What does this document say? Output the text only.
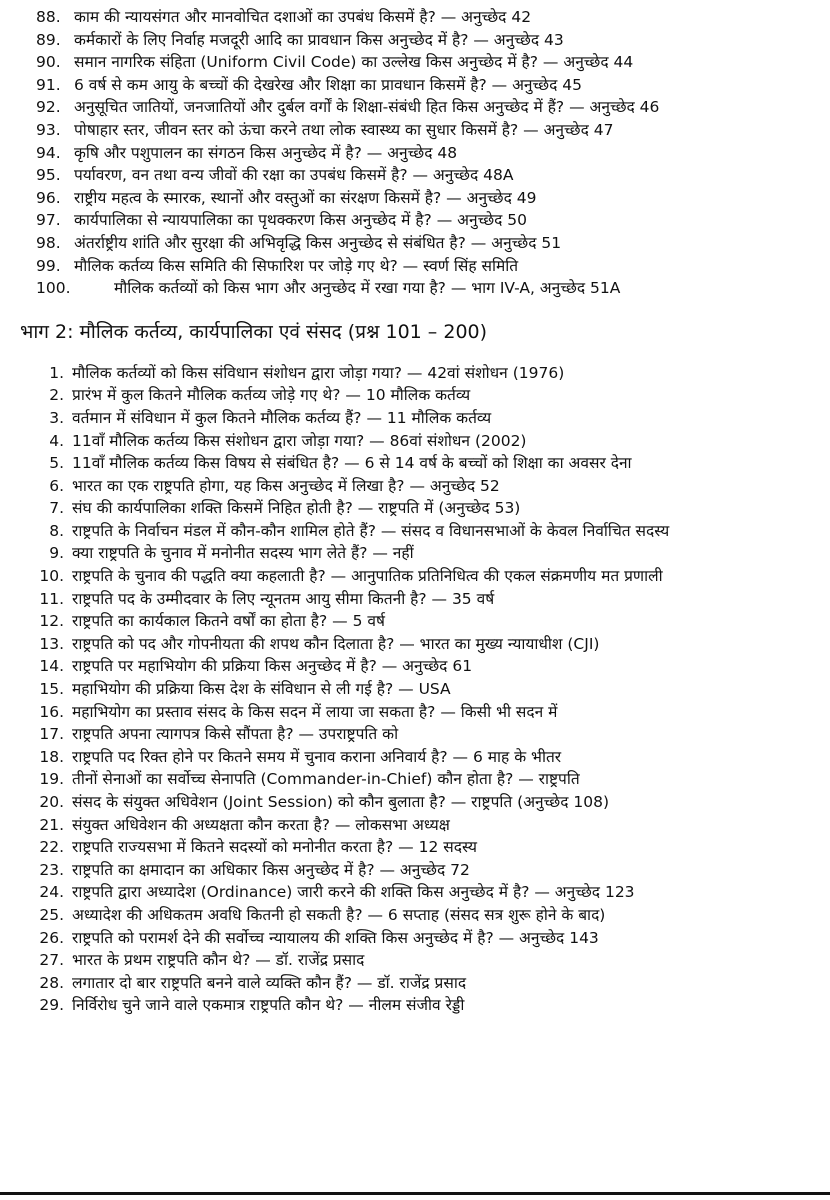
88. काम की न्यायसंगत और मानवोचित दशाओं का उपबंध किसमें है? — अनुच्छेद 42
89. कर्मकारों के लिए निर्वाह मजदूरी आदि का प्रावधान किस अनुच्छेद में है? — अनुच्छेद 43
90. समान नागरिक संहिता (Uniform Civil Code) का उल्लेख किस अनुच्छेद में है? — अनुच्छेद 44
91. 6 वर्ष से कम आयु के बच्चों की देखरेख और शिक्षा का प्रावधान किसमें है? — अनुच्छेद 45
92. अनुसूचित जातियों, जनजातियों और दुर्बल वर्गों के शिक्षा-संबंधी हित किस अनुच्छेद में हैं? — अनुच्छेद 46
93. पोषाहार स्तर, जीवन स्तर को ऊंचा करने तथा लोक स्वास्थ्य का सुधार किसमें है? — अनुच्छेद 47
94. कृषि और पशुपालन का संगठन किस अनुच्छेद में है? — अनुच्छेद 48
95. पर्यावरण, वन तथा वन्य जीवों की रक्षा का उपबंध किसमें है? — अनुच्छेद 48A
96. राष्ट्रीय महत्व के स्मारक, स्थानों और वस्तुओं का संरक्षण किसमें है? — अनुच्छेद 49
97. कार्यपालिका से न्यायपालिका का पृथक्करण किस अनुच्छेद में है? — अनुच्छेद 50
98. अंतर्राष्ट्रीय शांति और सुरक्षा की अभिवृद्धि किस अनुच्छेद से संबंधित है? — अनुच्छेद 51
99. मौलिक कर्तव्य किस समिति की सिफारिश पर जोड़े गए थे? — स्वर्ण सिंह समिति
100.	मौलिक कर्तव्यों को किस भाग और अनुच्छेद में रखा गया है? — भाग IV-A, अनुच्छेद 51A
भाग 2: मौलिक कर्तव्य, कार्यपालिका एवं संसद (प्रश्न 101 – 200)
1. मौलिक कर्तव्यों को किस संविधान संशोधन द्वारा जोड़ा गया? — 42वां संशोधन (1976)
2. प्रारंभ में कुल कितने मौलिक कर्तव्य जोड़े गए थे? — 10 मौलिक कर्तव्य
3. वर्तमान में संविधान में कुल कितने मौलिक कर्तव्य हैं? — 11 मौलिक कर्तव्य
4. 11वाँ मौलिक कर्तव्य किस संशोधन द्वारा जोड़ा गया? — 86वां संशोधन (2002)
5. 11वाँ मौलिक कर्तव्य किस विषय से संबंधित है? — 6 से 14 वर्ष के बच्चों को शिक्षा का अवसर देना
6. भारत का एक राष्ट्रपति होगा, यह किस अनुच्छेद में लिखा है? — अनुच्छेद 52
7. संघ की कार्यपालिका शक्ति किसमें निहित होती है? — राष्ट्रपति में (अनुच्छेद 53)
8. राष्ट्रपति के निर्वाचन मंडल में कौन-कौन शामिल होते हैं? — संसद व विधानसभाओं के केवल निर्वाचित सदस्य
9. क्या राष्ट्रपति के चुनाव में मनोनीत सदस्य भाग लेते हैं? — नहीं
10. राष्ट्रपति के चुनाव की पद्धति क्या कहलाती है? — आनुपातिक प्रतिनिधित्व की एकल संक्रमणीय मत प्रणाली
11. राष्ट्रपति पद के उम्मीदवार के लिए न्यूनतम आयु सीमा कितनी है? — 35 वर्ष
12. राष्ट्रपति का कार्यकाल कितने वर्षों का होता है? — 5 वर्ष
13. राष्ट्रपति को पद और गोपनीयता की शपथ कौन दिलाता है? — भारत का मुख्य न्यायाधीश (CJI)
14. राष्ट्रपति पर महाभियोग की प्रक्रिया किस अनुच्छेद में है? — अनुच्छेद 61
15. महाभियोग की प्रक्रिया किस देश के संविधान से ली गई है? — USA
16. महाभियोग का प्रस्ताव संसद के किस सदन में लाया जा सकता है? — किसी भी सदन में
17. राष्ट्रपति अपना त्यागपत्र किसे सौंपता है? — उपराष्ट्रपति को
18. राष्ट्रपति पद रिक्त होने पर कितने समय में चुनाव कराना अनिवार्य है? — 6 माह के भीतर
19. तीनों सेनाओं का सर्वोच्च सेनापति (Commander-in-Chief) कौन होता है? — राष्ट्रपति
20. संसद के संयुक्त अधिवेशन (Joint Session) को कौन बुलाता है? — राष्ट्रपति (अनुच्छेद 108)
21. संयुक्त अधिवेशन की अध्यक्षता कौन करता है? — लोकसभा अध्यक्ष
22. राष्ट्रपति राज्यसभा में कितने सदस्यों को मनोनीत करता है? — 12 सदस्य
23. राष्ट्रपति का क्षमादान का अधिकार किस अनुच्छेद में है? — अनुच्छेद 72
24. राष्ट्रपति द्वारा अध्यादेश (Ordinance) जारी करने की शक्ति किस अनुच्छेद में है? — अनुच्छेद 123
25. अध्यादेश की अधिकतम अवधि कितनी हो सकती है? — 6 सप्ताह (संसद सत्र शुरू होने के बाद)
26. राष्ट्रपति को परामर्श देने की सर्वोच्च न्यायालय की शक्ति किस अनुच्छेद में है? — अनुच्छेद 143
27. भारत के प्रथम राष्ट्रपति कौन थे? — डॉ. राजेंद्र प्रसाद
28. लगातार दो बार राष्ट्रपति बनने वाले व्यक्ति कौन हैं? — डॉ. राजेंद्र प्रसाद
29. निर्विरोध चुने जाने वाले एकमात्र राष्ट्रपति कौन थे? — नीलम संजीव रेड्डी
